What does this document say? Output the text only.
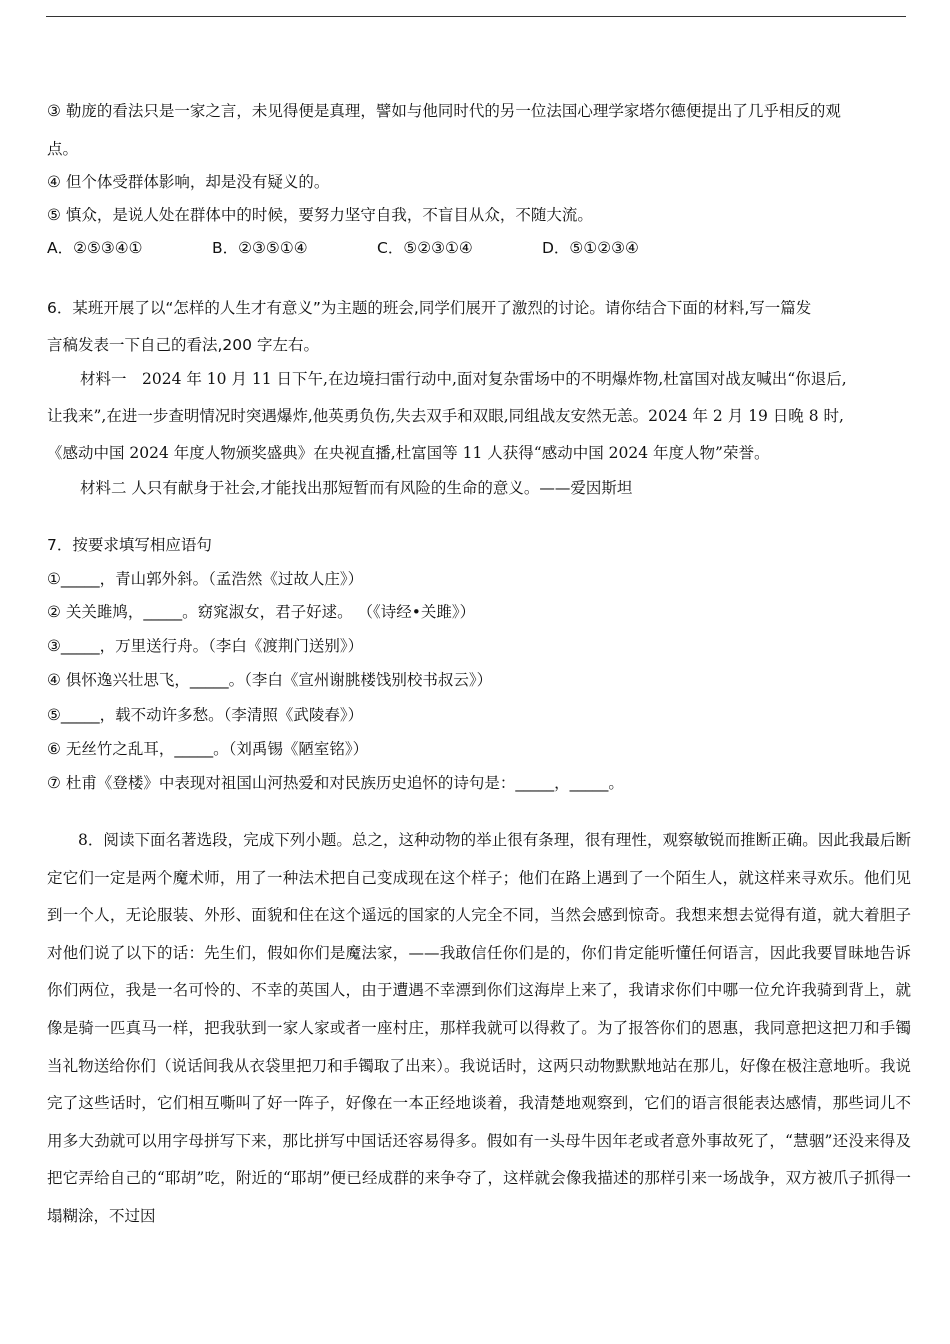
③ 勒庞的看法只是一家之言，未见得便是真理，譬如与他同时代的另一位法国心理学家塔尔德便提出了几乎相反的观
点。
④ 但个体受群体影响，却是没有疑义的。
⑤ 慎众，是说人处在群体中的时候，要努力坚守自我，不盲目从众，不随大流。
A．②⑤③④①	B．②③⑤①④	C．⑤②③①④	D．⑤①②③④
6．某班开展了以“怎样的人生才有意义”为主题的班会,同学们展开了激烈的讨论。请你结合下面的材料,写一篇发
言稿发表一下自己的看法,200 字左右。
材料一　2024 年 10 月 11 日下午,在边境扫雷行动中,面对复杂雷场中的不明爆炸物,杜富国对战友喊出“你退后,
让我来”,在进一步查明情况时突遇爆炸,他英勇负伤,失去双手和双眼,同组战友安然无恙。2024 年 2 月 19 日晚 8 时,
《感动中国 2024 年度人物颁奖盛典》在央视直播,杜富国等 11 人获得“感动中国 2024 年度人物”荣誉。
材料二 人只有献身于社会,才能找出那短暂而有风险的生命的意义。——爱因斯坦
7．按要求填写相应语句
①_____，青山郭外斜。（孟浩然《过故人庄》）
② 关关雎鸠，_____。窈窕淑女，君子好逑。 （《诗经•关雎》）
③_____，万里送行舟。（李白《渡荆门送别》）
④ 俱怀逸兴壮思飞，_____。（李白《宣州谢朓楼饯别校书叔云》）
⑤_____，载不动许多愁。（李清照《武陵春》）
⑥ 无丝竹之乱耳，_____。（刘禹锡《陋室铭》）
⑦ 杜甫《登楼》中表现对祖国山河热爱和对民族历史追怀的诗句是：_____，_____。
8．阅读下面名著选段，完成下列小题。总之，这种动物的举止很有条理，很有理性，观察敏锐而推断正确。因此我最后断定它们一定是两个魔术师，用了一种法术把自己变成现在这个样子；他们在路上遇到了一个陌生人，就这样来寻欢乐。他们见到一个人，无论服装、外形、面貌和住在这个遥远的国家的人完全不同，当然会感到惊奇。我想来想去觉得有道，就大着胆子对他们说了以下的话：先生们，假如你们是魔法家，——我敢信任你们是的，你们肯定能听懂任何语言，因此我要冒昧地告诉你们两位，我是一名可怜的、不幸的英国人，由于遭遇不幸漂到你们这海岸上来了，我请求你们中哪一位允许我骑到背上，就像是骑一匹真马一样，把我驮到一家人家或者一座村庄，那样我就可以得救了。为了报答你们的恩惠，我同意把这把刀和手镯当礼物送给你们（说话间我从衣袋里把刀和手镯取了出来）。我说话时，这两只动物默默地站在那儿，好像在极注意地听。我说完了这些话时，它们相互嘶叫了好一阵子，好像在一本正经地谈着，我清楚地观察到，它们的语言很能表达感情，那些词儿不用多大劲就可以用字母拼写下来，那比拼写中国话还容易得多。假如有一头母牛因年老或者意外事故死了，“慧骃”还没来得及把它弄给自己的“耶胡”吃，附近的“耶胡”便已经成群的来争夺了，这样就会像我描述的那样引来一场战争，双方被爪子抓得一塌糊涂，不过因
